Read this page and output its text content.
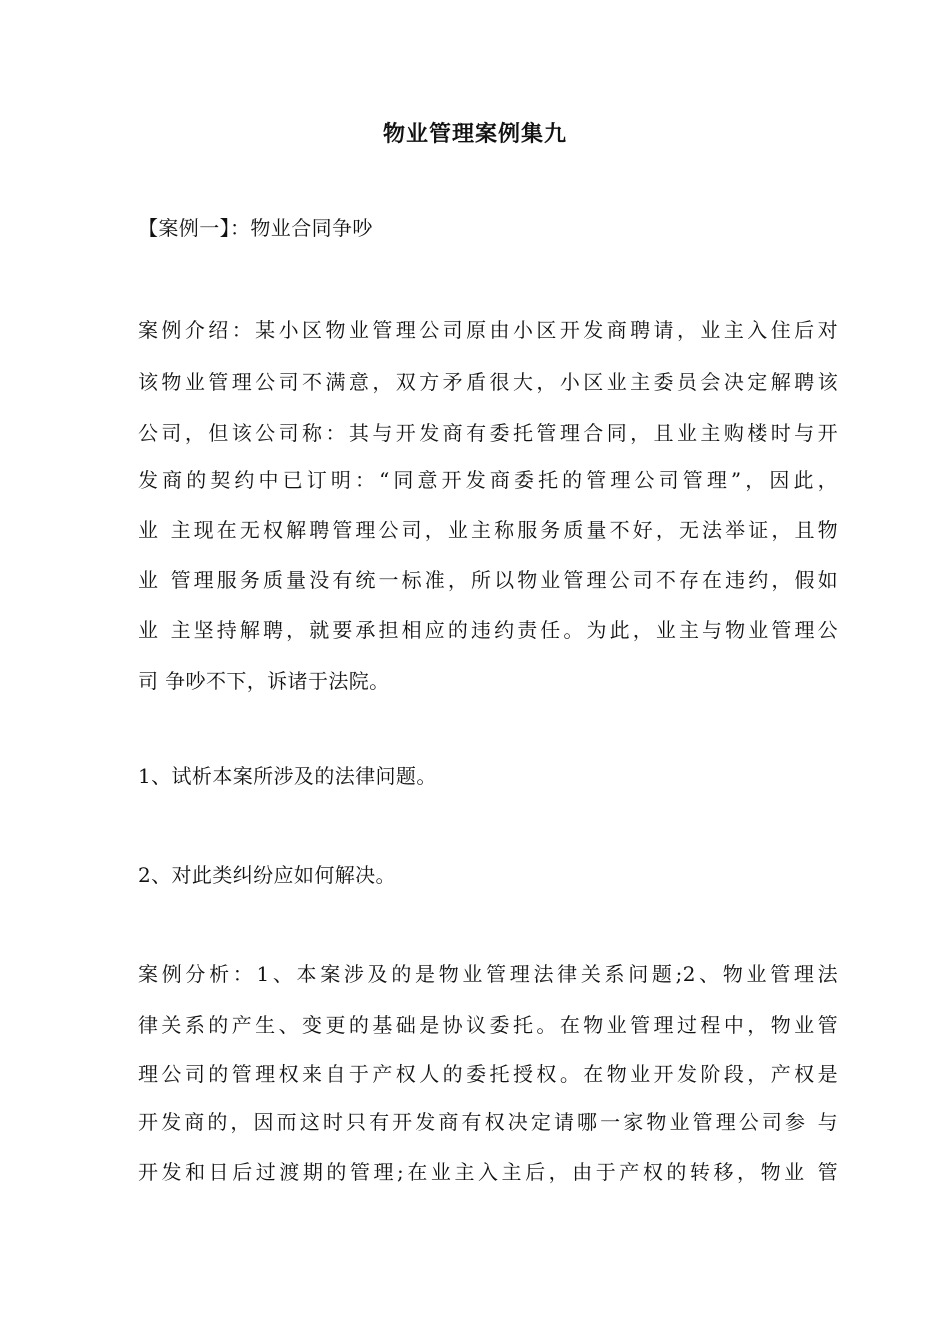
物业管理案例集九
【案例一】：物业合同争吵
案例介绍：某小区物业管理公司原由小区开发商聘请，业主入住后对
该物业管理公司不满意，双方矛盾很大，小区业主委员会决定解聘该
公司，但该公司称：其与开发商有委托管理合同，且业主购楼时与开
发商的契约中已订明：“同意开发商委托的管理公司管理”，因此，
业 主现在无权解聘管理公司，业主称服务质量不好，无法举证，且物
业 管理服务质量没有统一标准，所以物业管理公司不存在违约，假如
业 主坚持解聘，就要承担相应的违约责任。为此，业主与物业管理公
司 争吵不下，诉诸于法院。
1、试析本案所涉及的法律问题。
2、对此类纠纷应如何解决。
案例分析：1、本案涉及的是物业管理法律关系问题;2、物业管理法
律关系的产生、变更的基础是协议委托。在物业管理过程中，物业管
理公司的管理权来自于产权人的委托授权。在物业开发阶段，产权是
开发商的，因而这时只有开发商有权决定请哪一家物业管理公司参 与
开发和日后过渡期的管理;在业主入主后，由于产权的转移，物业 管
